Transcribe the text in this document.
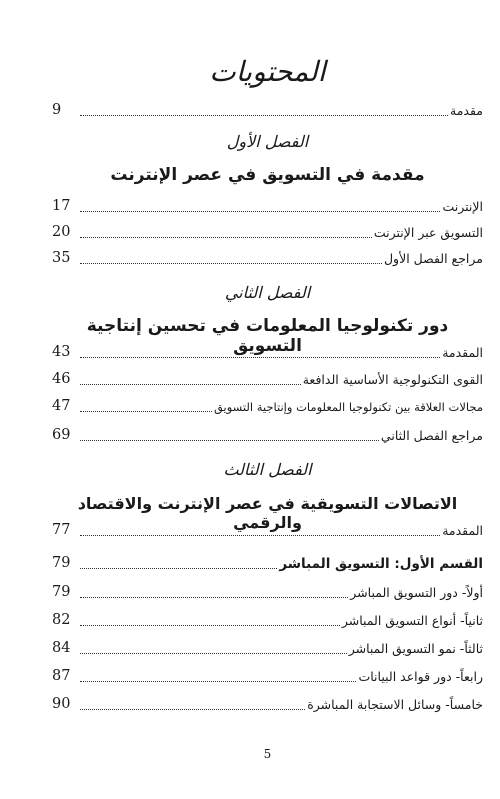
المحتويات
مقدمة
9
الفصل الأول
مقدمة في التسويق في عصر الإنترنت
الإنترنت
17
التسويق عبر الإنترنت
20
مراجع الفصل الأول
35
الفصل الثاني
دور تكنولوجيا المعلومات في تحسين إنتاجية التسويق	المقدمة
43
القوى التكنولوجية الأساسية الدافعة
46
مجالات العلاقة بين تكنولوجيا المعلومات وإنتاجية التسويق
47
مراجع الفصل الثاني
69
الفصل الثالث
الاتصالات التسويقية في عصر الإنترنت والاقتصاد والرقمي	المقدمة
77
القسم الأول: التسويق المباشر
79
أولاً- دور التسويق المباشر
79
ثانياً- أنواع التسويق المباشر
82
ثالثاً- نمو التسويق المباشر
84
رابعاً- دور قواعد البيانات
87
خامساً- وسائل الاستجابة المباشرة
90
5
